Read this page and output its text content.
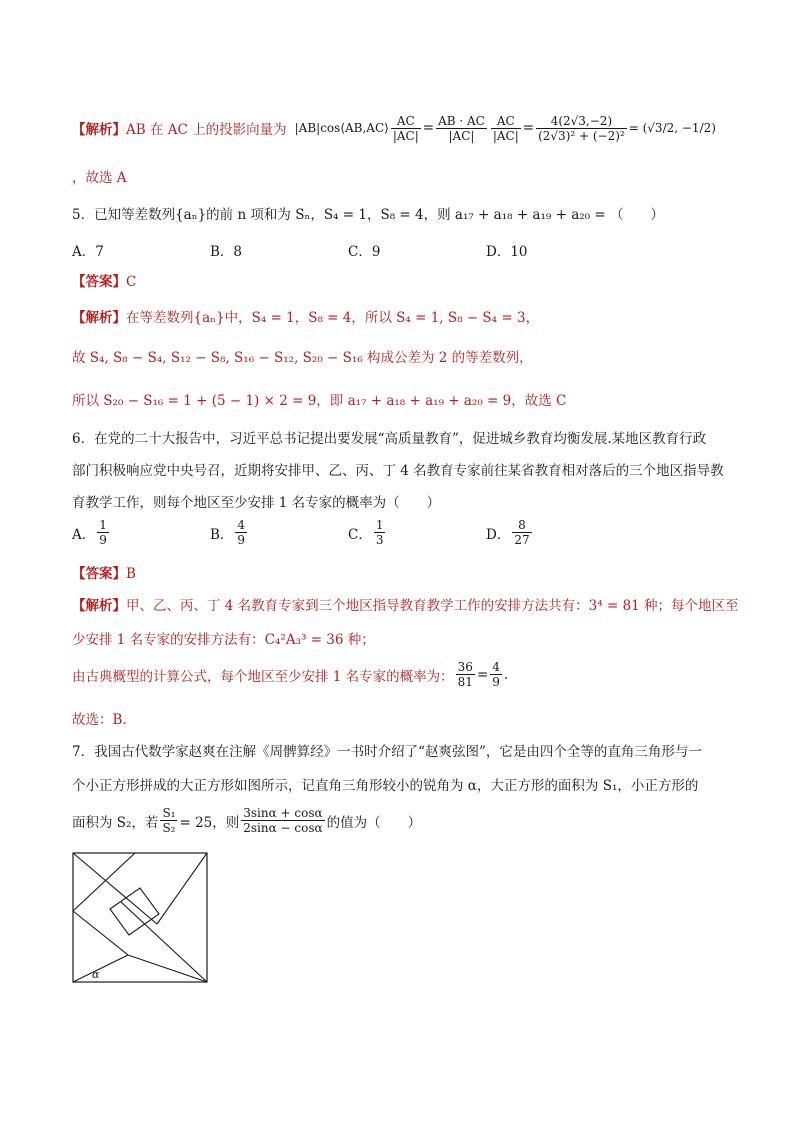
【解析】 AB 在 AC 上的投影向量为 |AB|cos⟨AB,AC⟩ $\frac{AC}{|AC|} = \frac{AB \cdot AC}{|AC|} \frac{AC}{|AC|} = \frac{4(2√3,-2)}{\text{(2√3)² + (−2)²}} = (√3/2$, −1/2)
，故选 A
5．已知等差数列{aₙ}的前 n 项和为 Sₙ，S₄ = 1，S₈ = 4，则 a₁₇ + a₁₈ + a₁₉ + a₂₀ = （　　）
A．7	B．8	C．9	D．10
【答案】C
【解析】在等差数列{aₙ}中，S₄ = 1，S₈ = 4，所以 S₄ = 1, S₈ − S₄ = 3，
故 S₄, S₈ − S₄, S₁₂ − S₈, S₁₆ − S₁₂, S₂₀ − S₁₆ 构成公差为 2 的等差数列，
所以 S₂₀ − S₁₆ = 1 + (5 − 1) × 2 = 9，即 a₁₇ + a₁₈ + a₁₉ + a₂₀ = 9，故选 C
6．在党的二十大报告中，习近平总书记提出要发展“高质量教育”，促进城乡教育均衡发展.某地区教育行政
部门积极响应党中央号召，近期将安排甲、乙、丙、丁 4 名教育专家前往某省教育相对落后的三个地区指导教
育教学工作，则每个地区至少安排 1 名专家的概率为（　　）
A． $\frac{1}{9}$	B． $\frac{4}{9}$	C． $\frac{1}{3}$	D． $\frac{8}{27}$
【答案】B
【解析】甲、乙、丙、丁 4 名教育专家到三个地区指导教育教学工作的安排方法共有：3⁴ = 81 种；每个地区至
少安排 1 名专家的安排方法有：C₄²A₃³ = 36 种；
由古典概型的计算公式，每个地区至少安排 1 名专家的概率为： $\frac{36}{81} = \frac{4}{9}$ .
故选：B.
7．我国古代数学家赵爽在注解《周髀算经》一书时介绍了“赵爽弦图”，它是由四个全等的直角三角形与一
个小正方形拼成的大正方形如图所示，记直角三角形较小的锐角为 α，大正方形的面积为 S₁，小正方形的
面积为 S₂，若 $\frac{\text{S₁}}{\text{S₂}} = 25$，则 $\frac{3\sin\alpha + \cos\alpha}{2\sin\alpha - \cos\alpha}$ 的值为（　　）
α
